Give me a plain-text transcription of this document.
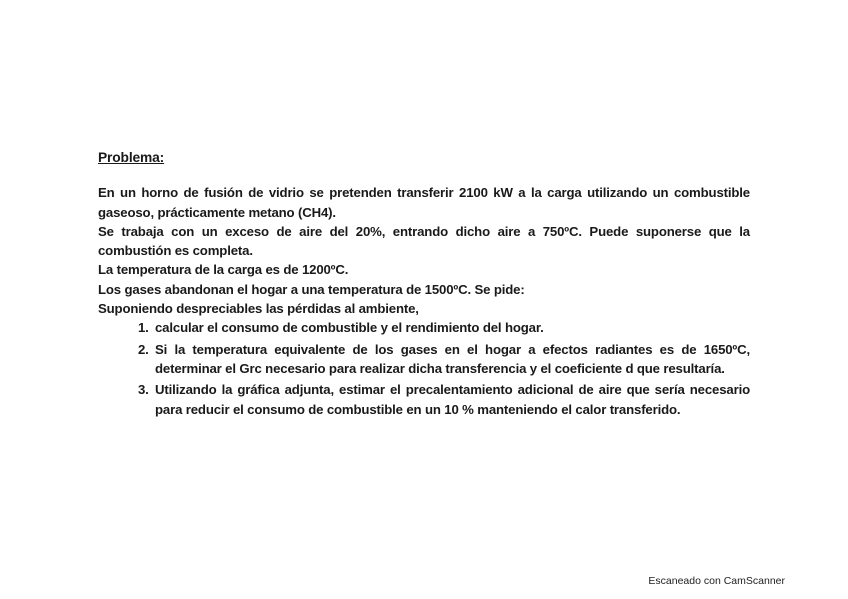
Problema:

En un horno de fusión de vidrio se pretenden transferir 2100 kW a la carga utilizando un combustible gaseoso, prácticamente metano (CH4).

Se trabaja con un exceso de aire del 20%, entrando dicho aire a 750ºC. Puede suponerse que la combustión es completa.

La temperatura de la carga es de 1200ºC.

Los gases abandonan el hogar a una temperatura de 1500ºC. Se pide:

Suponiendo despreciables las pérdidas al ambiente,

1. calcular el consumo de combustible y el rendimiento del hogar.
2. Si la temperatura equivalente de los gases en el hogar a efectos radiantes es de 1650ºC, determinar el Grc necesario para realizar dicha transferencia y el coeficiente d que resultaría.
3. Utilizando la gráfica adjunta, estimar el precalentamiento adicional de aire que sería necesario para reducir el consumo de combustible en un 10 % manteniendo el calor transferido.
Escaneado con CamScanner
